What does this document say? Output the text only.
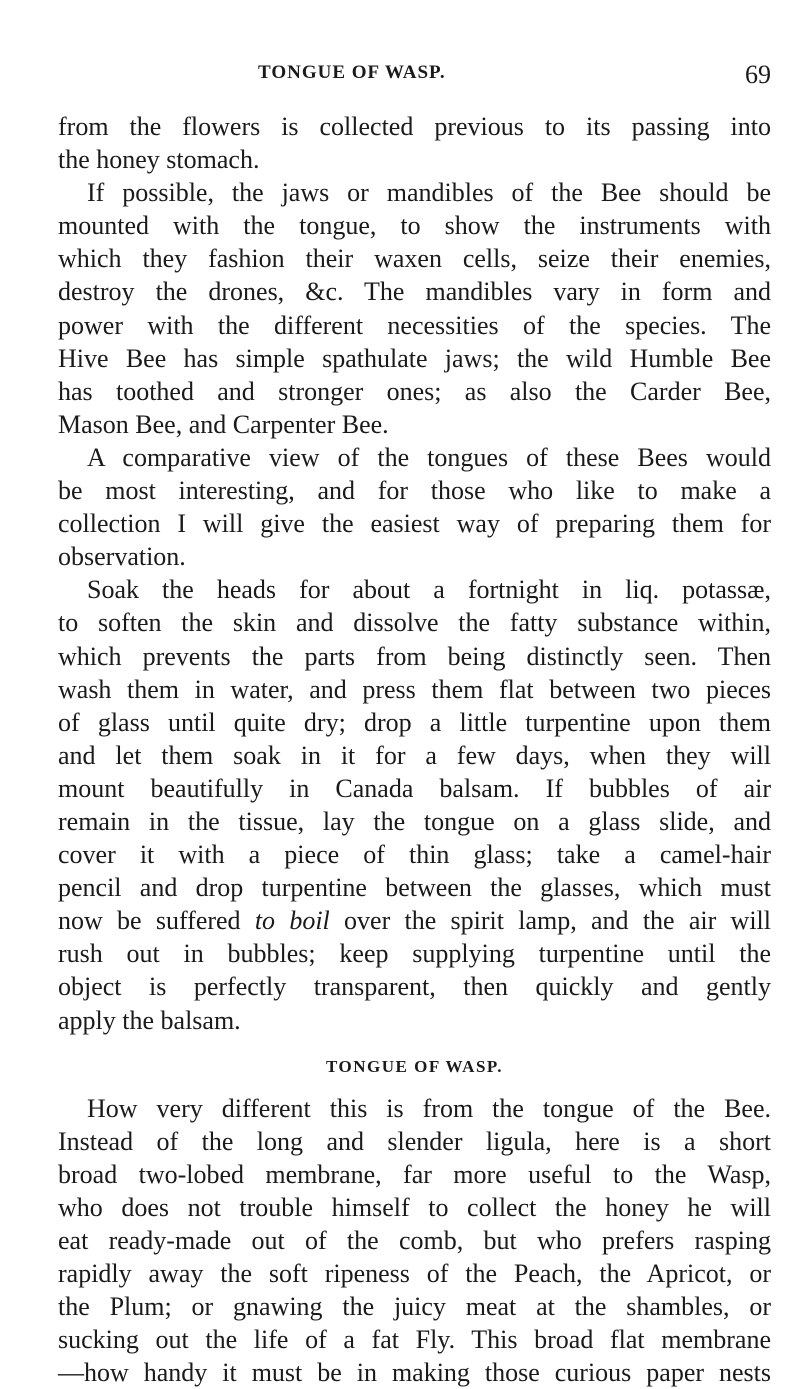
TONGUE OF WASP.	69
from the flowers is collected previous to its passing into
the honey stomach.
If possible, the jaws or mandibles of the Bee should be
mounted with the tongue, to show the instruments with
which they fashion their waxen cells, seize their enemies,
destroy the drones, &c. The mandibles vary in form and
power with the different necessities of the species. The
Hive Bee has simple spathulate jaws; the wild Humble Bee
has toothed and stronger ones; as also the Carder Bee,
Mason Bee, and Carpenter Bee.
A comparative view of the tongues of these Bees would
be most interesting, and for those who like to make a
collection I will give the easiest way of preparing them for
observation.
Soak the heads for about a fortnight in liq. potassæ,
to soften the skin and dissolve the fatty substance within,
which prevents the parts from being distinctly seen. Then
wash them in water, and press them flat between two pieces
of glass until quite dry; drop a little turpentine upon them
and let them soak in it for a few days, when they will
mount beautifully in Canada balsam. If bubbles of air
remain in the tissue, lay the tongue on a glass slide, and
cover it with a piece of thin glass; take a camel-hair
pencil and drop turpentine between the glasses, which must
now be suffered to boil over the spirit lamp, and the air will
rush out in bubbles; keep supplying turpentine until the
object is perfectly transparent, then quickly and gently
apply the balsam.
TONGUE OF WASP.
How very different this is from the tongue of the Bee.
Instead of the long and slender ligula, here is a short
broad two-lobed membrane, far more useful to the Wasp,
who does not trouble himself to collect the honey he will
eat ready-made out of the comb, but who prefers rasping
rapidly away the soft ripeness of the Peach, the Apricot, or
the Plum; or gnawing the juicy meat at the shambles, or
sucking out the life of a fat Fly. This broad flat membrane
—how handy it must be in making those curious paper nests
